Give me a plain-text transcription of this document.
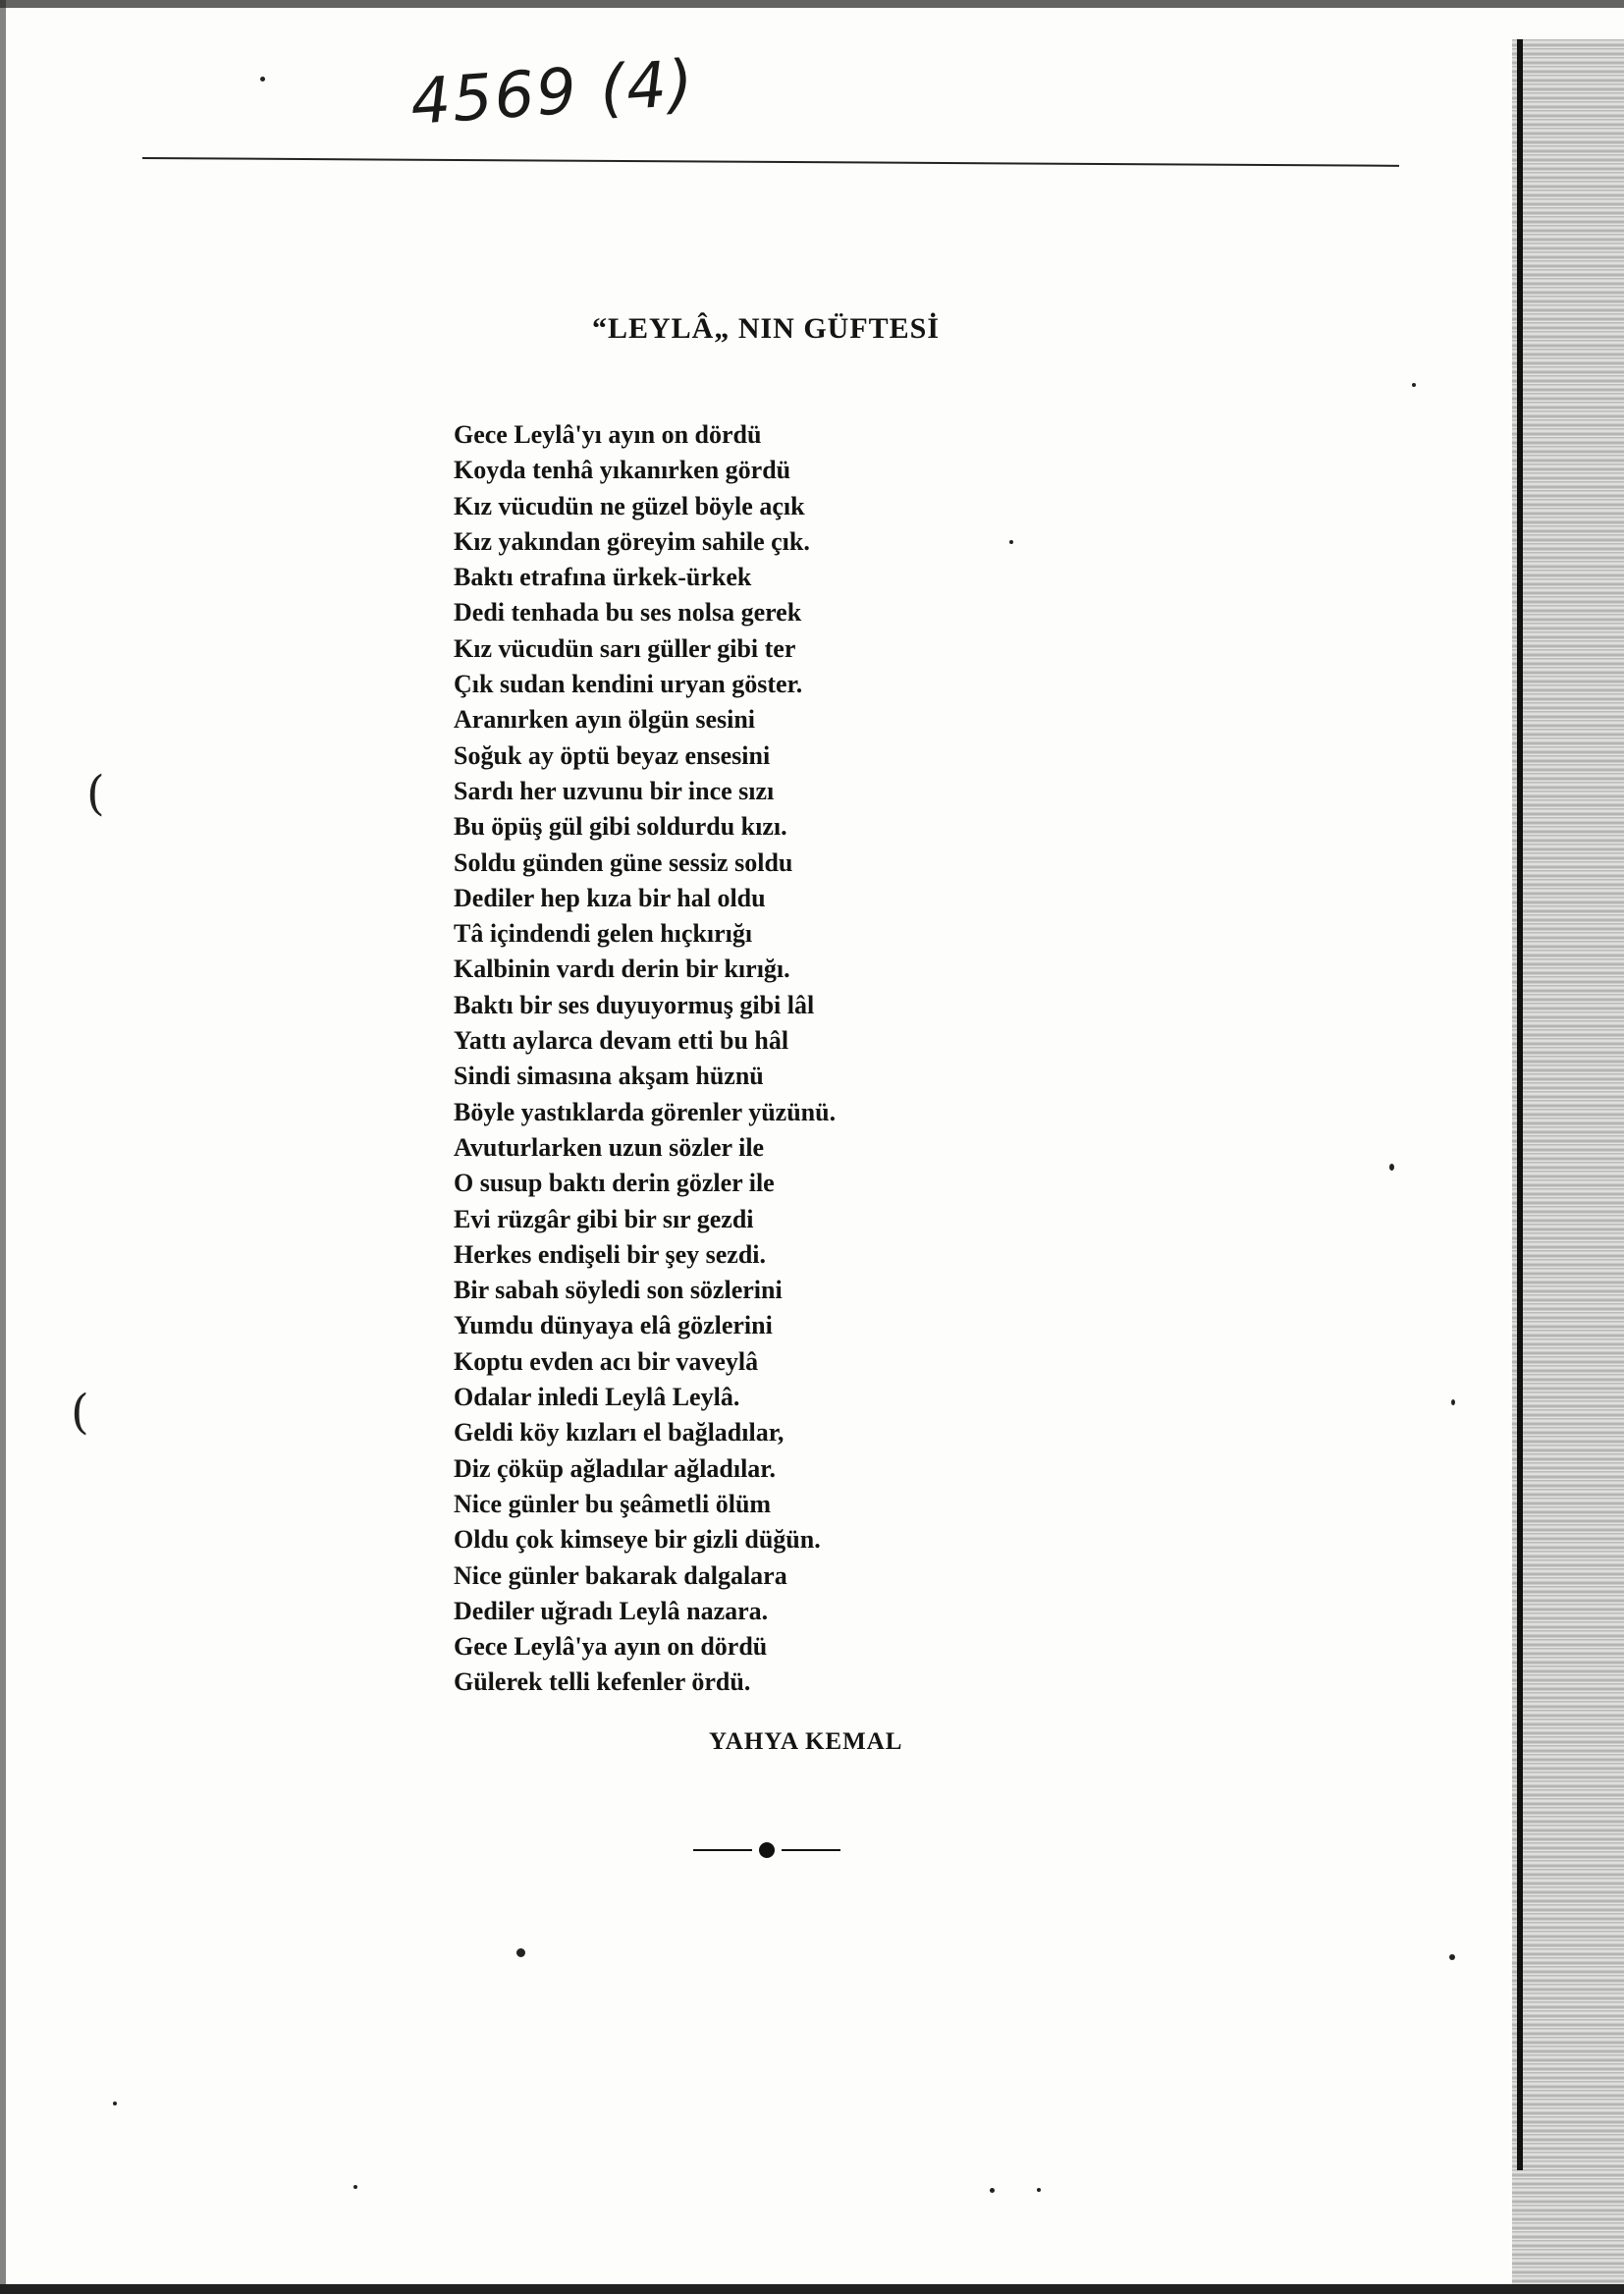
4569 (4)
“LEYLÂ„ NIN GÜFTESİ
Gece Leylâ'yı ayın on dördü
Koyda tenhâ yıkanırken gördü
Kız vücudün ne güzel böyle açık
Kız yakından göreyim sahile çık.
Baktı etrafına ürkek-ürkek
Dedi tenhada bu ses nolsa gerek
Kız vücudün sarı güller gibi ter
Çık sudan kendini uryan göster.
Aranırken ayın ölgün sesini
Soğuk ay öptü beyaz ensesini
Sardı her uzvunu bir ince sızı
Bu öpüş gül gibi soldurdu kızı.
Soldu günden güne sessiz soldu
Dediler hep kıza bir hal oldu
Tâ içindendi gelen hıçkırığı
Kalbinin vardı derin bir kırığı.
Baktı bir ses duyuyormuş gibi lâl
Yattı aylarca devam etti bu hâl
Sindi simasına akşam hüznü
Böyle yastıklarda görenler yüzünü.
Avuturlarken uzun sözler ile
O susup baktı derin gözler ile
Evi rüzgâr gibi bir sır gezdi
Herkes endişeli bir şey sezdi.
Bir sabah söyledi son sözlerini
Yumdu dünyaya elâ gözlerini
Koptu evden acı bir vaveylâ
Odalar inledi Leylâ Leylâ.
Geldi köy kızları el bağladılar,
Diz çöküp ağladılar ağladılar.
Nice günler bu şeâmetli ölüm
Oldu çok kimseye bir gizli düğün.
Nice günler bakarak dalgalara
Dediler uğradı Leylâ nazara.
Gece Leylâ'ya ayın on dördü
Gülerek telli kefenler ördü.
YAHYA KEMAL
(
(
